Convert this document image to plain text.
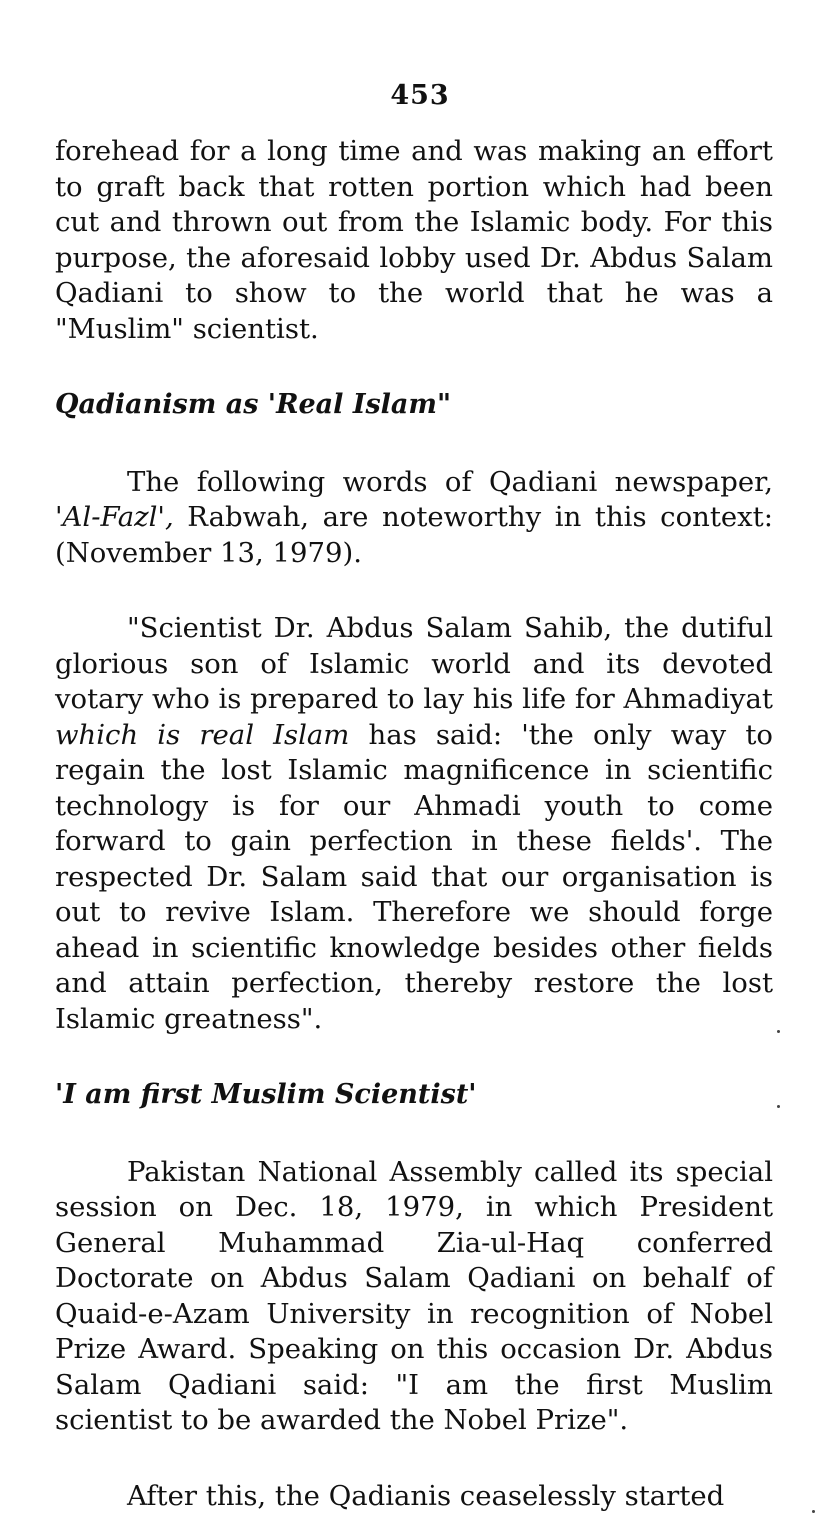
453

forehead for a long time and was making an effort to graft back that rotten portion which had been cut and thrown out from the Islamic body. For this purpose, the aforesaid lobby used Dr. Abdus Salam Qadiani to show to the world that he was a "Muslim" scientist.

Qadianism as 'Real Islam"

The following words of Qadiani newspaper, 'Al-Fazl', Rabwah, are noteworthy in this context: (November 13, 1979).

"Scientist Dr. Abdus Salam Sahib, the dutiful glorious son of Islamic world and its devoted votary who is prepared to lay his life for Ahmadiyat which is real Islam has said: 'the only way to regain the lost Islamic magnificence in scientific technology is for our Ahmadi youth to come forward to gain perfection in these fields'. The respected Dr. Salam said that our organisation is out to revive Islam. Therefore we should forge ahead in scientific knowledge besides other fields and attain perfection, thereby restore the lost Islamic greatness".

'I am first Muslim Scientist'

Pakistan National Assembly called its special session on Dec. 18, 1979, in which President General Muhammad Zia-ul-Haq conferred Doctorate on Abdus Salam Qadiani on behalf of Quaid-e-Azam University in recognition of Nobel Prize Award. Speaking on this occasion Dr. Abdus Salam Qadiani said: "I am the first Muslim scientist to be awarded the Nobel Prize".

After this, the Qadianis ceaselessly started
